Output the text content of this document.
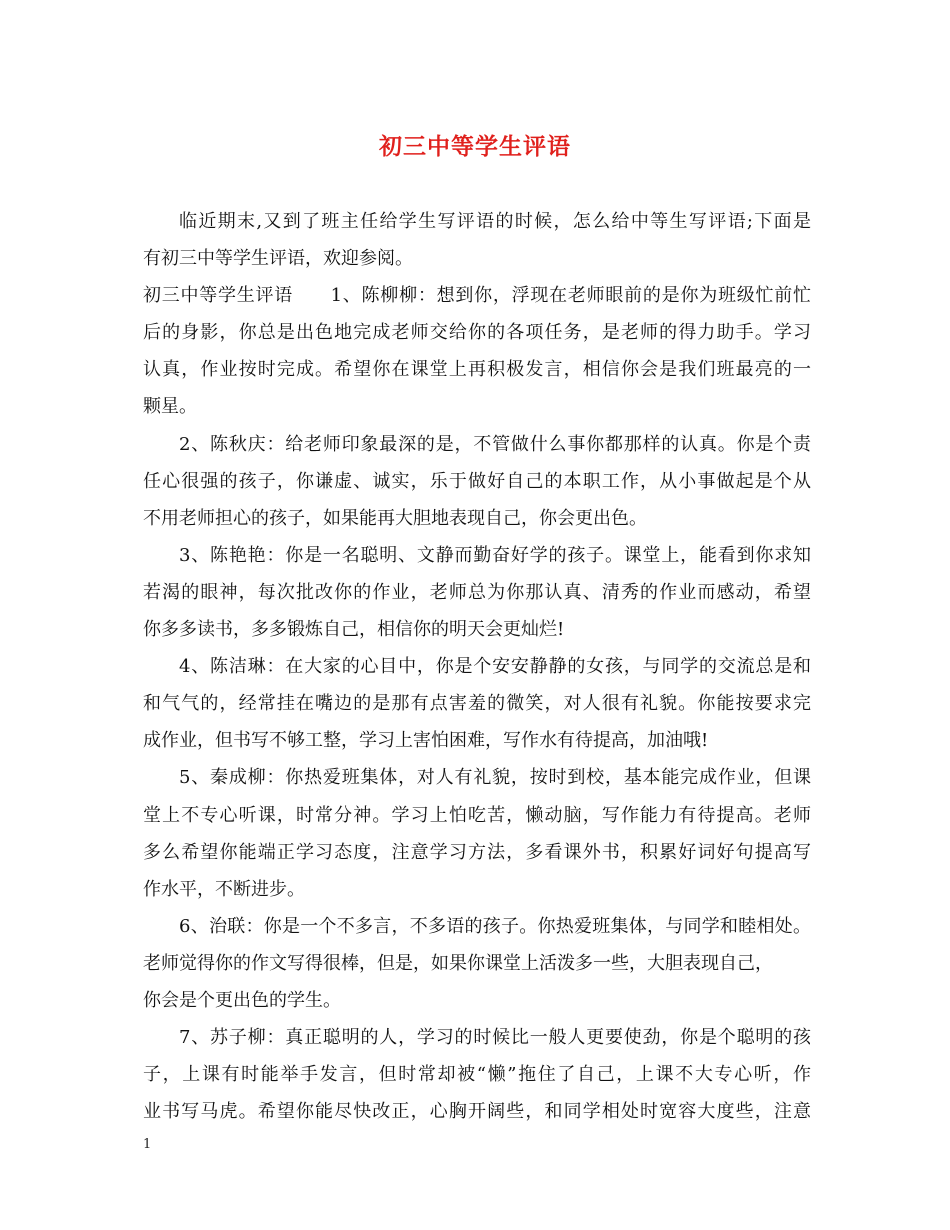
初三中等学生评语
临近期末,又到了班主任给学生写评语的时候，怎么给中等生写评语;下面是
有初三中等学生评语，欢迎参阅。
初三中等学生评语　　1、陈柳柳：想到你，浮现在老师眼前的是你为班级忙前忙
后的身影，你总是出色地完成老师交给你的各项任务，是老师的得力助手。学习
认真，作业按时完成。希望你在课堂上再积极发言，相信你会是我们班最亮的一
颗星。
2、陈秋庆：给老师印象最深的是，不管做什么事你都那样的认真。你是个责
任心很强的孩子，你谦虚、诚实，乐于做好自己的本职工作，从小事做起是个从
不用老师担心的孩子，如果能再大胆地表现自己，你会更出色。
3、陈艳艳：你是一名聪明、文静而勤奋好学的孩子。课堂上，能看到你求知
若渴的眼神，每次批改你的作业，老师总为你那认真、清秀的作业而感动，希望
你多多读书，多多锻炼自己，相信你的明天会更灿烂!
4、陈洁琳：在大家的心目中，你是个安安静静的女孩，与同学的交流总是和
和气气的，经常挂在嘴边的是那有点害羞的微笑，对人很有礼貌。你能按要求完
成作业，但书写不够工整，学习上害怕困难，写作水有待提高，加油哦!
5、秦成柳：你热爱班集体，对人有礼貌，按时到校，基本能完成作业，但课
堂上不专心听课，时常分神。学习上怕吃苦，懒动脑，写作能力有待提高。老师
多么希望你能端正学习态度，注意学习方法，多看课外书，积累好词好句提高写
作水平，不断进步。
6、治联：你是一个不多言，不多语的孩子。你热爱班集体，与同学和睦相处。
老师觉得你的作文写得很棒，但是，如果你课堂上活泼多一些，大胆表现自己，
你会是个更出色的学生。
7、苏子柳：真正聪明的人，学习的时候比一般人更要使劲，你是个聪明的孩
子，上课有时能举手发言，但时常却被“懒”拖住了自己，上课不大专心听，作
业书写马虎。希望你能尽快改正，心胸开阔些，和同学相处时宽容大度些，注意
1
